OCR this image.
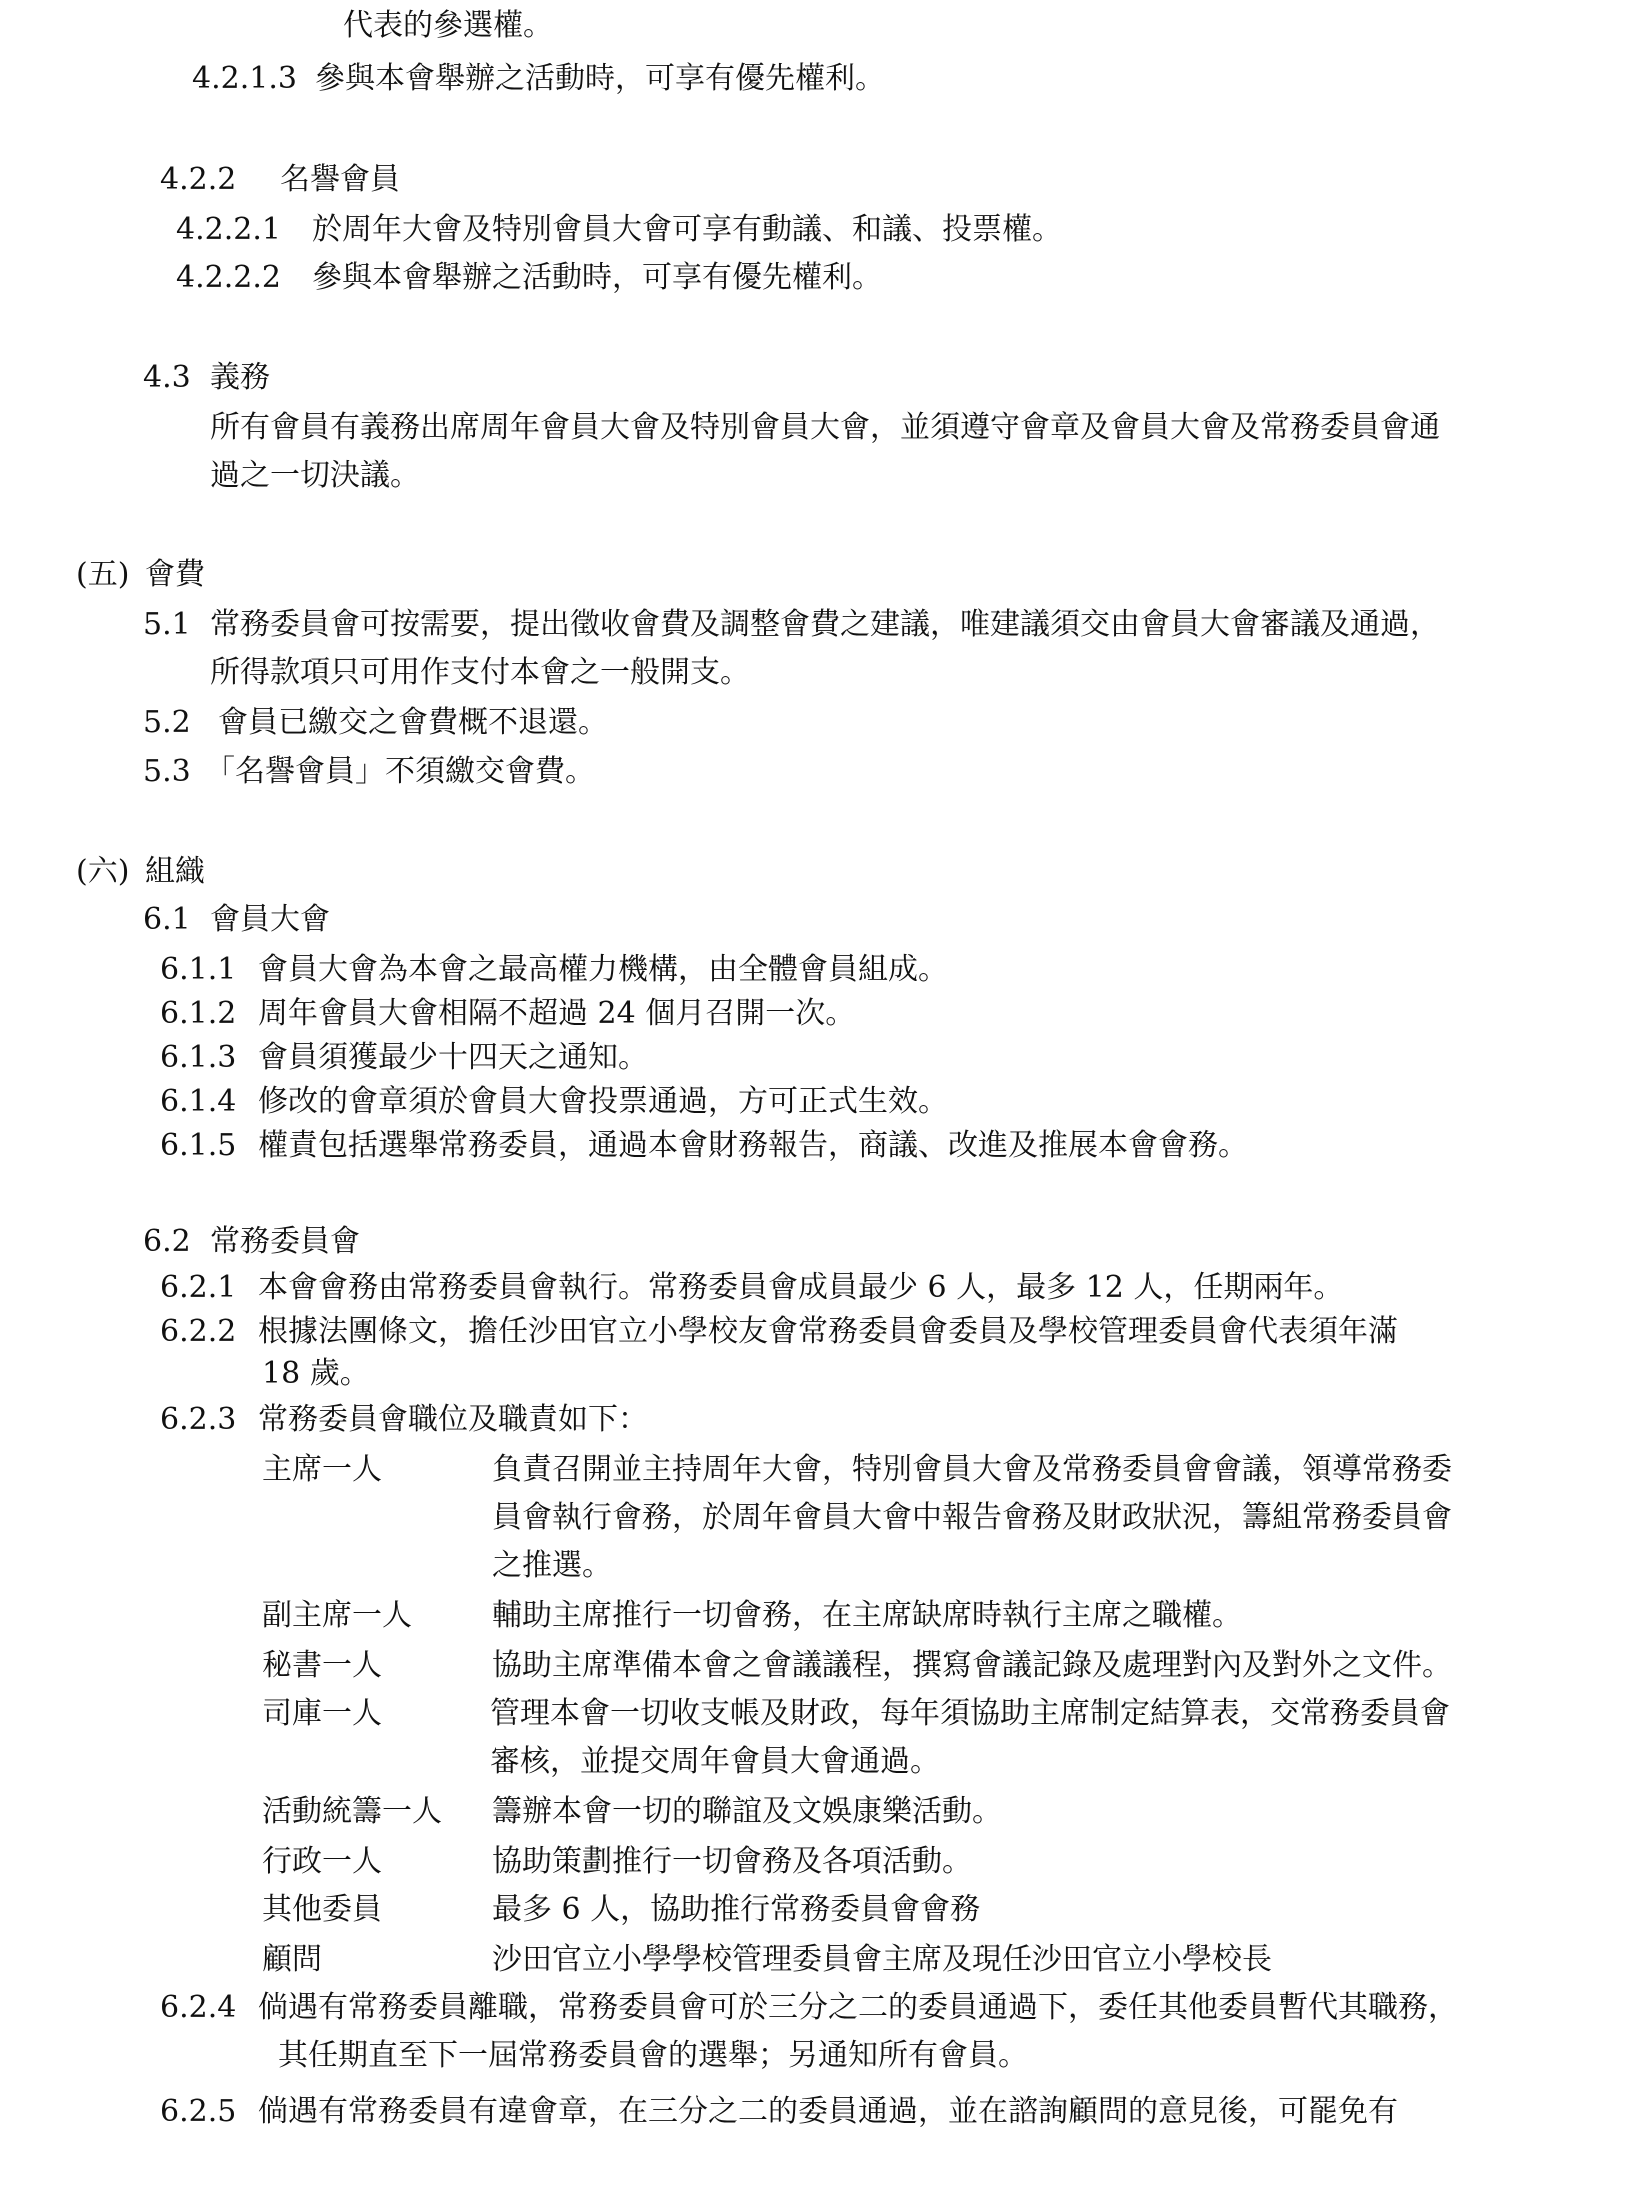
代表的參選權。
4.2.1.3 參與本會舉辦之活動時，可享有優先權利。
4.2.2 名譽會員
4.2.2.1 於周年大會及特別會員大會可享有動議、和議、投票權。
4.2.2.2 參與本會舉辦之活動時，可享有優先權利。
4.3 義務
所有會員有義務出席周年會員大會及特別會員大會，並須遵守會章及會員大會及常務委員會通
過之一切決議。
(五) 會費
5.1 常務委員會可按需要，提出徵收會費及調整會費之建議，唯建議須交由會員大會審議及通過，
所得款項只可用作支付本會之一般開支。
5.2 會員已繳交之會費概不退還。
5.3 「名譽會員」不須繳交會費。
(六) 組織
6.1 會員大會
6.1.1 會員大會為本會之最高權力機構，由全體會員組成。
6.1.2 周年會員大會相隔不超過 24 個月召開一次。
6.1.3 會員須獲最少十四天之通知。
6.1.4 修改的會章須於會員大會投票通過，方可正式生效。
6.1.5 權責包括選舉常務委員，通過本會財務報告，商議、改進及推展本會會務。
6.2 常務委員會
6.2.1 本會會務由常務委員會執行。常務委員會成員最少 6 人，最多 12 人，任期兩年。
6.2.2 根據法團條文，擔任沙田官立小學校友會常務委員會委員及學校管理委員會代表須年滿
18 歲。
6.2.3 常務委員會職位及職責如下：
主席一人	負責召開並主持周年大會，特別會員大會及常務委員會會議，領導常務委
員會執行會務，於周年會員大會中報告會務及財政狀況，籌組常務委員會
之推選。
副主席一人	輔助主席推行一切會務，在主席缺席時執行主席之職權。
秘書一人	協助主席準備本會之會議議程，撰寫會議記錄及處理對內及對外之文件。
司庫一人	管理本會一切收支帳及財政，每年須協助主席制定結算表，交常務委員會
審核，並提交周年會員大會通過。
活動統籌一人 籌辦本會一切的聯誼及文娛康樂活動。
行政一人	協助策劃推行一切會務及各項活動。
其他委員	最多 6 人，協助推行常務委員會會務
顧問	沙田官立小學學校管理委員會主席及現任沙田官立小學校長
6.2.4 倘遇有常務委員離職，常務委員會可於三分之二的委員通過下，委任其他委員暫代其職務，
其任期直至下一屆常務委員會的選舉；另通知所有會員。
6.2.5 倘遇有常務委員有違會章，在三分之二的委員通過，並在諮詢顧問的意見後，可罷免有
